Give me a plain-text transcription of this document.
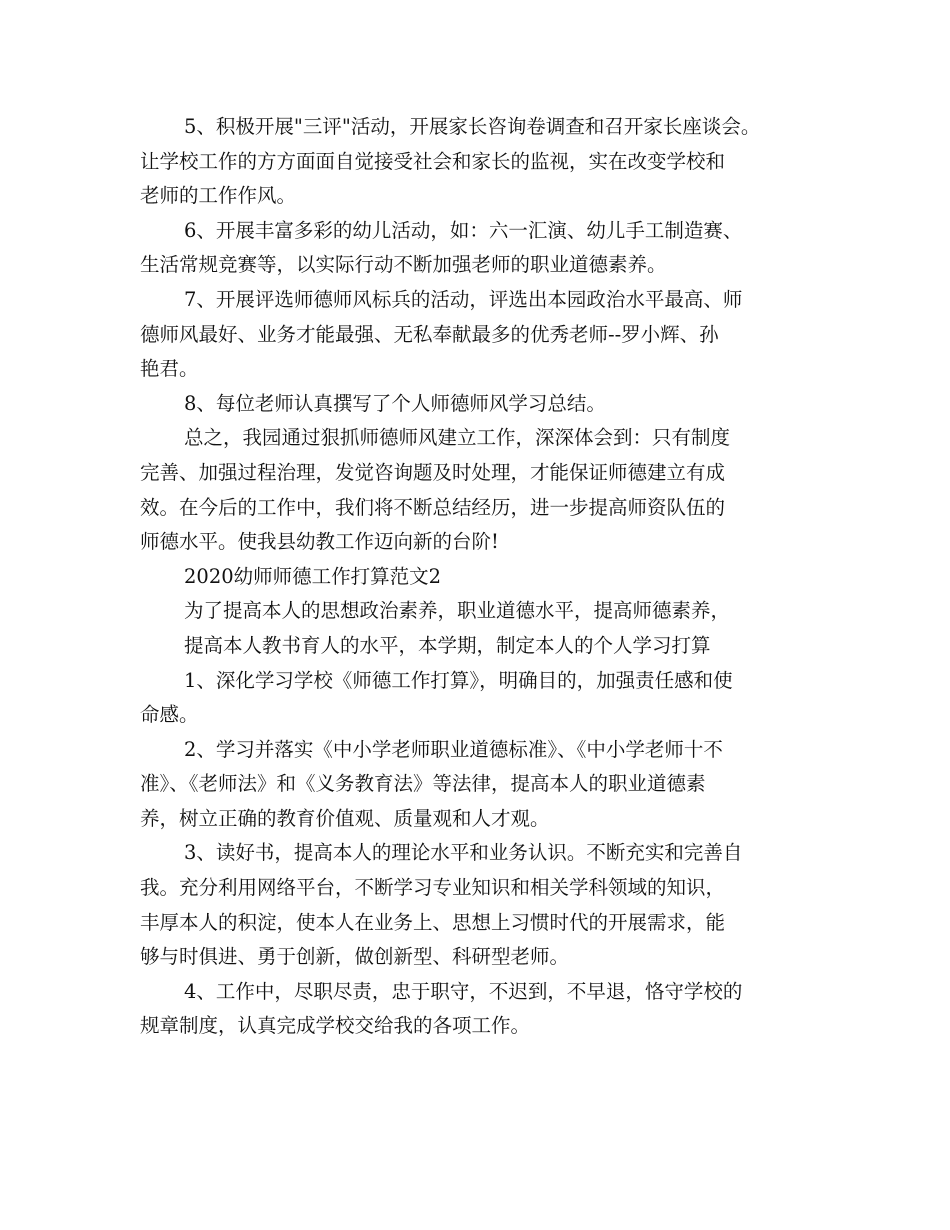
5、积极开展"三评"活动，开展家长咨询卷调查和召开家长座谈会。
让学校工作的方方面面自觉接受社会和家长的监视，实在改变学校和
老师的工作作风。
6、开展丰富多彩的幼儿活动，如：六一汇演、幼儿手工制造赛、
生活常规竞赛等，以实际行动不断加强老师的职业道德素养。
7、开展评选师德师风标兵的活动，评选出本园政治水平最高、师
德师风最好、业务才能最强、无私奉献最多的优秀老师--罗小辉、孙
艳君。
8、每位老师认真撰写了个人师德师风学习总结。
总之，我园通过狠抓师德师风建立工作，深深体会到：只有制度
完善、加强过程治理，发觉咨询题及时处理，才能保证师德建立有成
效。在今后的工作中，我们将不断总结经历，进一步提高师资队伍的
师德水平。使我县幼教工作迈向新的台阶!
2020幼师师德工作打算范文2
为了提高本人的思想政治素养，职业道德水平，提高师德素养，
提高本人教书育人的水平，本学期，制定本人的个人学习打算
1、深化学习学校《师德工作打算》，明确目的，加强责任感和使
命感。
2、学习并落实《中小学老师职业道德标准》、《中小学老师十不
准》、《老师法》和《义务教育法》等法律，提高本人的职业道德素
养，树立正确的教育价值观、质量观和人才观。
3、读好书，提高本人的理论水平和业务认识。不断充实和完善自
我。充分利用网络平台，不断学习专业知识和相关学科领域的知识，
丰厚本人的积淀，使本人在业务上、思想上习惯时代的开展需求，能
够与时俱进、勇于创新，做创新型、科研型老师。
4、工作中，尽职尽责，忠于职守，不迟到，不早退，恪守学校的
规章制度，认真完成学校交给我的各项工作。
